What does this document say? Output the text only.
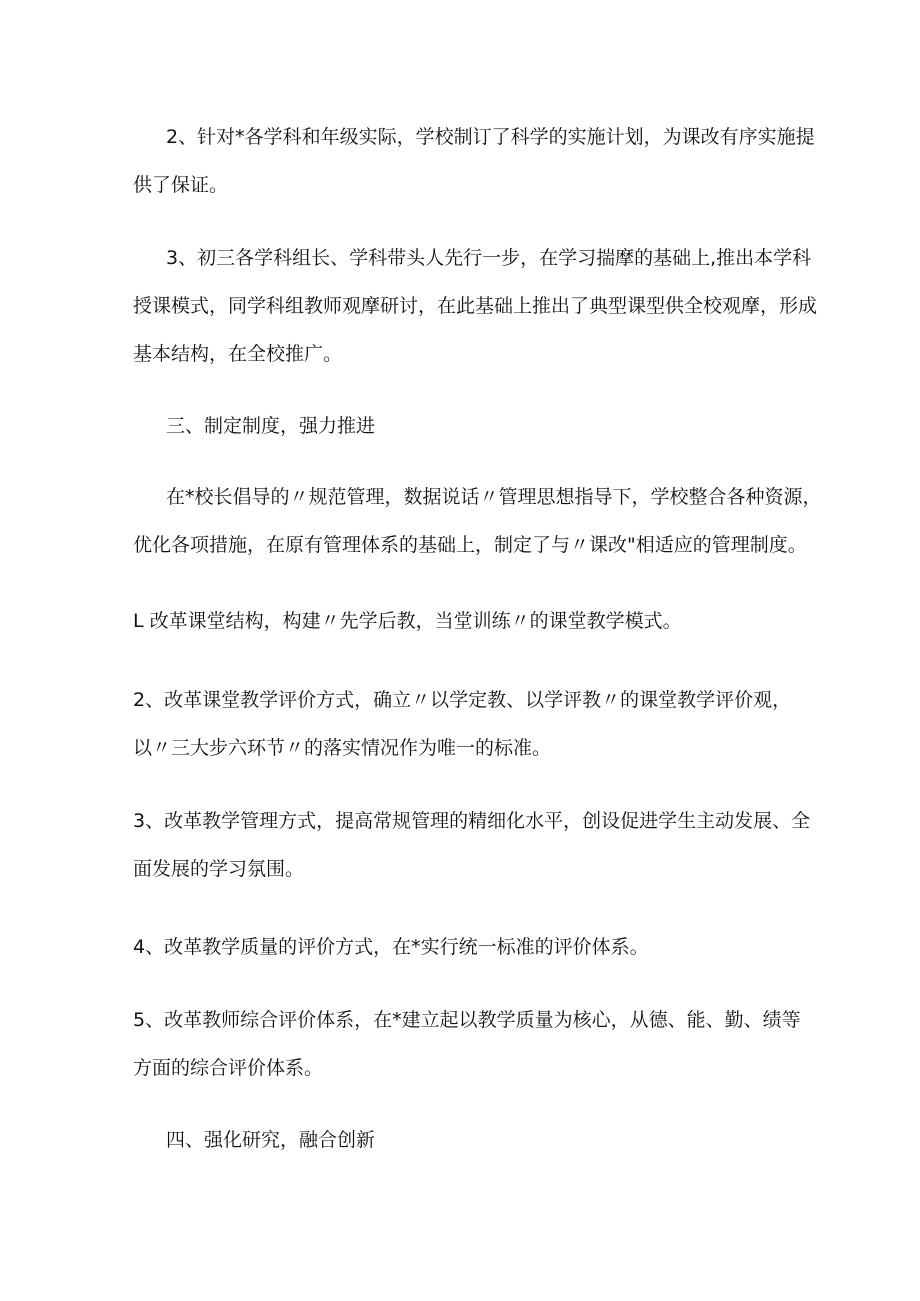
2、针对*各学科和年级实际，学校制订了科学的实施计划，为课改有序实施提
供了保证。

3、初三各学科组长、学科带头人先行一步，在学习揣摩的基础上,推出本学科
授课模式，同学科组教师观摩研讨，在此基础上推出了典型课型供全校观摩，形成
基本结构，在全校推广。

三、制定制度，强力推进

在*校长倡导的〃规范管理，数据说话〃管理思想指导下，学校整合各种资源，
优化各项措施，在原有管理体系的基础上，制定了与〃课改"相适应的管理制度。

L 改革课堂结构，构建〃先学后教，当堂训练〃的课堂教学模式。

2、改革课堂教学评价方式，确立〃以学定教、以学评教〃的课堂教学评价观，
以〃三大步六环节〃的落实情况作为唯一的标准。

3、改革教学管理方式，提高常规管理的精细化水平，创设促进学生主动发展、全
面发展的学习氛围。

4、改革教学质量的评价方式，在*实行统一标准的评价体系。

5、改革教师综合评价体系，在*建立起以教学质量为核心，从德、能、勤、绩等
方面的综合评价体系。

四、强化研究，融合创新
